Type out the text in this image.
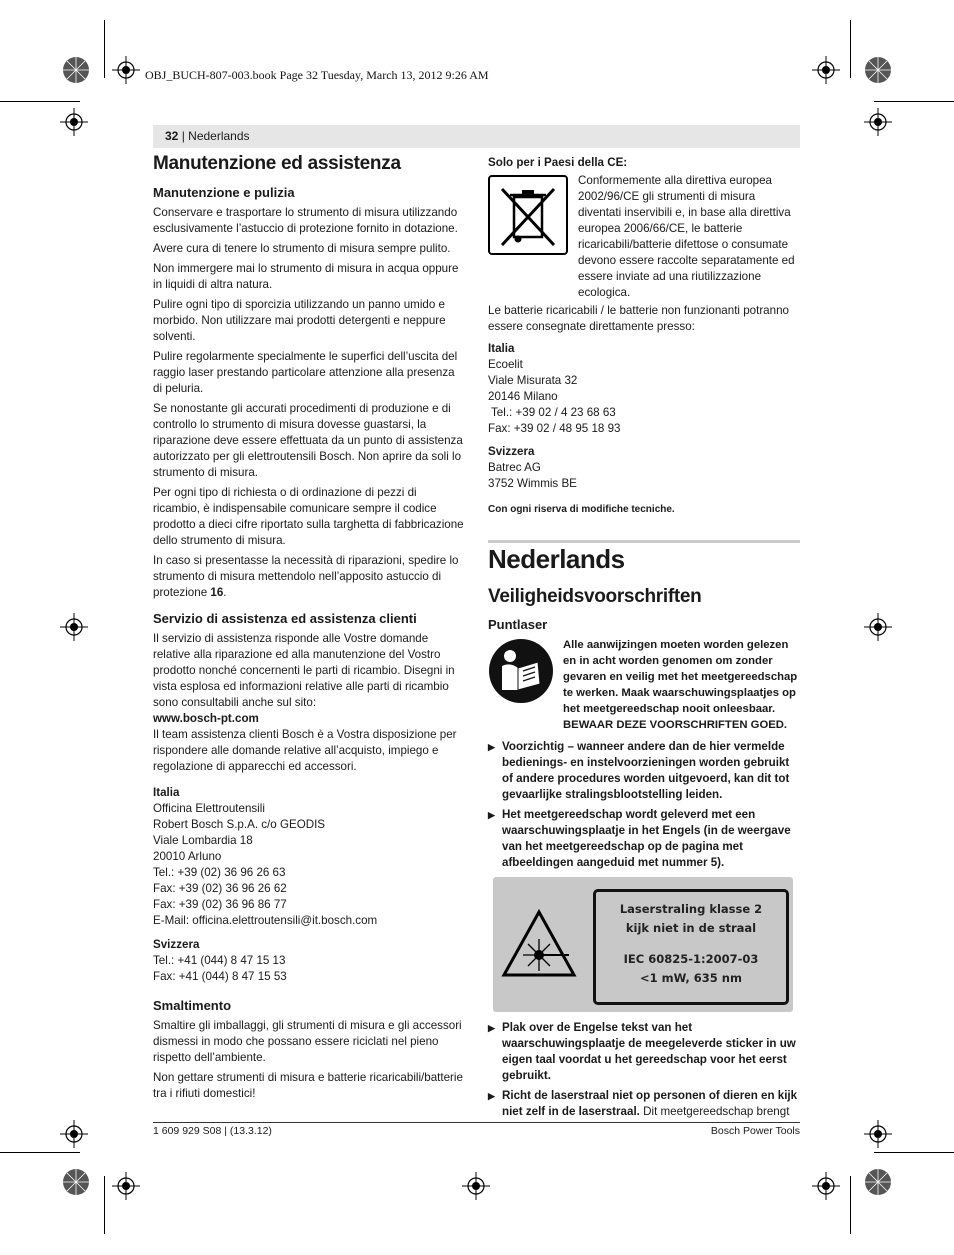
OBJ_BUCH-807-003.book Page 32 Tuesday, March 13, 2012 9:26 AM
32 | Nederlands
Manutenzione ed assistenza
Manutenzione e pulizia

Conservare e trasportare lo strumento di misura utilizzando esclusivamente l’astuccio di protezione fornito in dotazione.

Avere cura di tenere lo strumento di misura sempre pulito.

Non immergere mai lo strumento di misura in acqua oppure in liquidi di altra natura.

Pulire ogni tipo di sporcizia utilizzando un panno umido e morbido. Non utilizzare mai prodotti detergenti e neppure solventi.

Pulire regolarmente specialmente le superfici dell’uscita del raggio laser prestando particolare attenzione alla presenza di peluria.

Se nonostante gli accurati procedimenti di produzione e di controllo lo strumento di misura dovesse guastarsi, la riparazione deve essere effettuata da un punto di assistenza autorizzato per gli elettroutensili Bosch. Non aprire da soli lo strumento di misura.

Per ogni tipo di richiesta o di ordinazione di pezzi di ricambio, è indispensabile comunicare sempre il codice prodotto a dieci cifre riportato sulla targhetta di fabbricazione dello strumento di misura.

In caso si presentasse la necessità di riparazioni, spedire lo strumento di misura mettendolo nell’apposito astuccio di protezione 16.

Servizio di assistenza ed assistenza clienti

Il servizio di assistenza risponde alle Vostre domande relative alla riparazione ed alla manutenzione del Vostro prodotto nonché concernenti le parti di ricambio. Disegni in vista esplosa ed informazioni relative alle parti di ricambio sono consultabili anche sul sito:

www.bosch-pt.com

Il team assistenza clienti Bosch è a Vostra disposizione per rispondere alle domande relative all’acquisto, impiego e regolazione di apparecchi ed accessori.

Italia
Officina Elettroutensili
Robert Bosch S.p.A. c/o GEODIS
Viale Lombardia 18
20010 Arluno
Tel.: +39 (02) 36 96 26 63
Fax: +39 (02) 36 96 26 62
Fax: +39 (02) 36 96 86 77
E-Mail: officina.elettroutensili@it.bosch.com
Svizzera
Tel.: +41 (044) 8 47 15 13
Fax: +41 (044) 8 47 15 53
Smaltimento

Smaltire gli imballaggi, gli strumenti di misura e gli accessori dismessi in modo che possano essere riciclati nel pieno rispetto dell’ambiente.

Non gettare strumenti di misura e batterie ricaricabili/batterie tra i rifiuti domestici!

Solo per i Paesi della CE:

Conformemente alla direttiva europea 2002/96/CE gli strumenti di misura diventati inservibili e, in base alla direttiva europea 2006/66/CE, le batterie ricaricabili/batterie difettose o consumate devono essere raccolte separatamente ed essere inviate ad una riutilizzazione ecologica.

Le batterie ricaricabili / le batterie non funzionanti potranno essere consegnate direttamente presso:

Italia
Ecoelit
Viale Misurata 32
20146 Milano
Tel.: +39 02 / 4 23 68 63
Fax: +39 02 / 48 95 18 93
Svizzera
Batrec AG
3752 Wimmis BE
Con ogni riserva di modifiche tecniche.
Nederlands
Veiligheidsvoorschriften
Puntlaser

Alle aanwijzingen moeten worden gelezen en in acht worden genomen om zonder gevaren en veilig met het meetgereedschap te werken. Maak waarschuwingsplaatjes op het meetgereedschap nooit onleesbaar. BEWAAR DEZE VOORSCHRIFTEN GOED.

▶ Voorzichtig – wanneer andere dan de hier vermelde bedienings- en instelvoorzieningen worden gebruikt of andere procedures worden uitgevoerd, kan dit tot gevaarlijke stralingsblootstelling leiden.
▶ Het meetgereedschap wordt geleverd met een waarschuwingsplaatje in het Engels (in de weergave van het meetgereedschap op de pagina met afbeeldingen aangeduid met nummer 5).
Laserstraling klasse 2
kijk niet in de straal
IEC 60825-1:2007-03
<1 mW, 635 nm
▶ Plak over de Engelse tekst van het waarschuwingsplaatje de meegeleverde sticker in uw eigen taal voordat u het gereedschap voor het eerst gebruikt.
▶ Richt de laserstraal niet op personen of dieren en kijk niet zelf in de laserstraal. Dit meetgereedschap brengt
1 609 929 S08 | (13.3.12)	Bosch Power Tools
